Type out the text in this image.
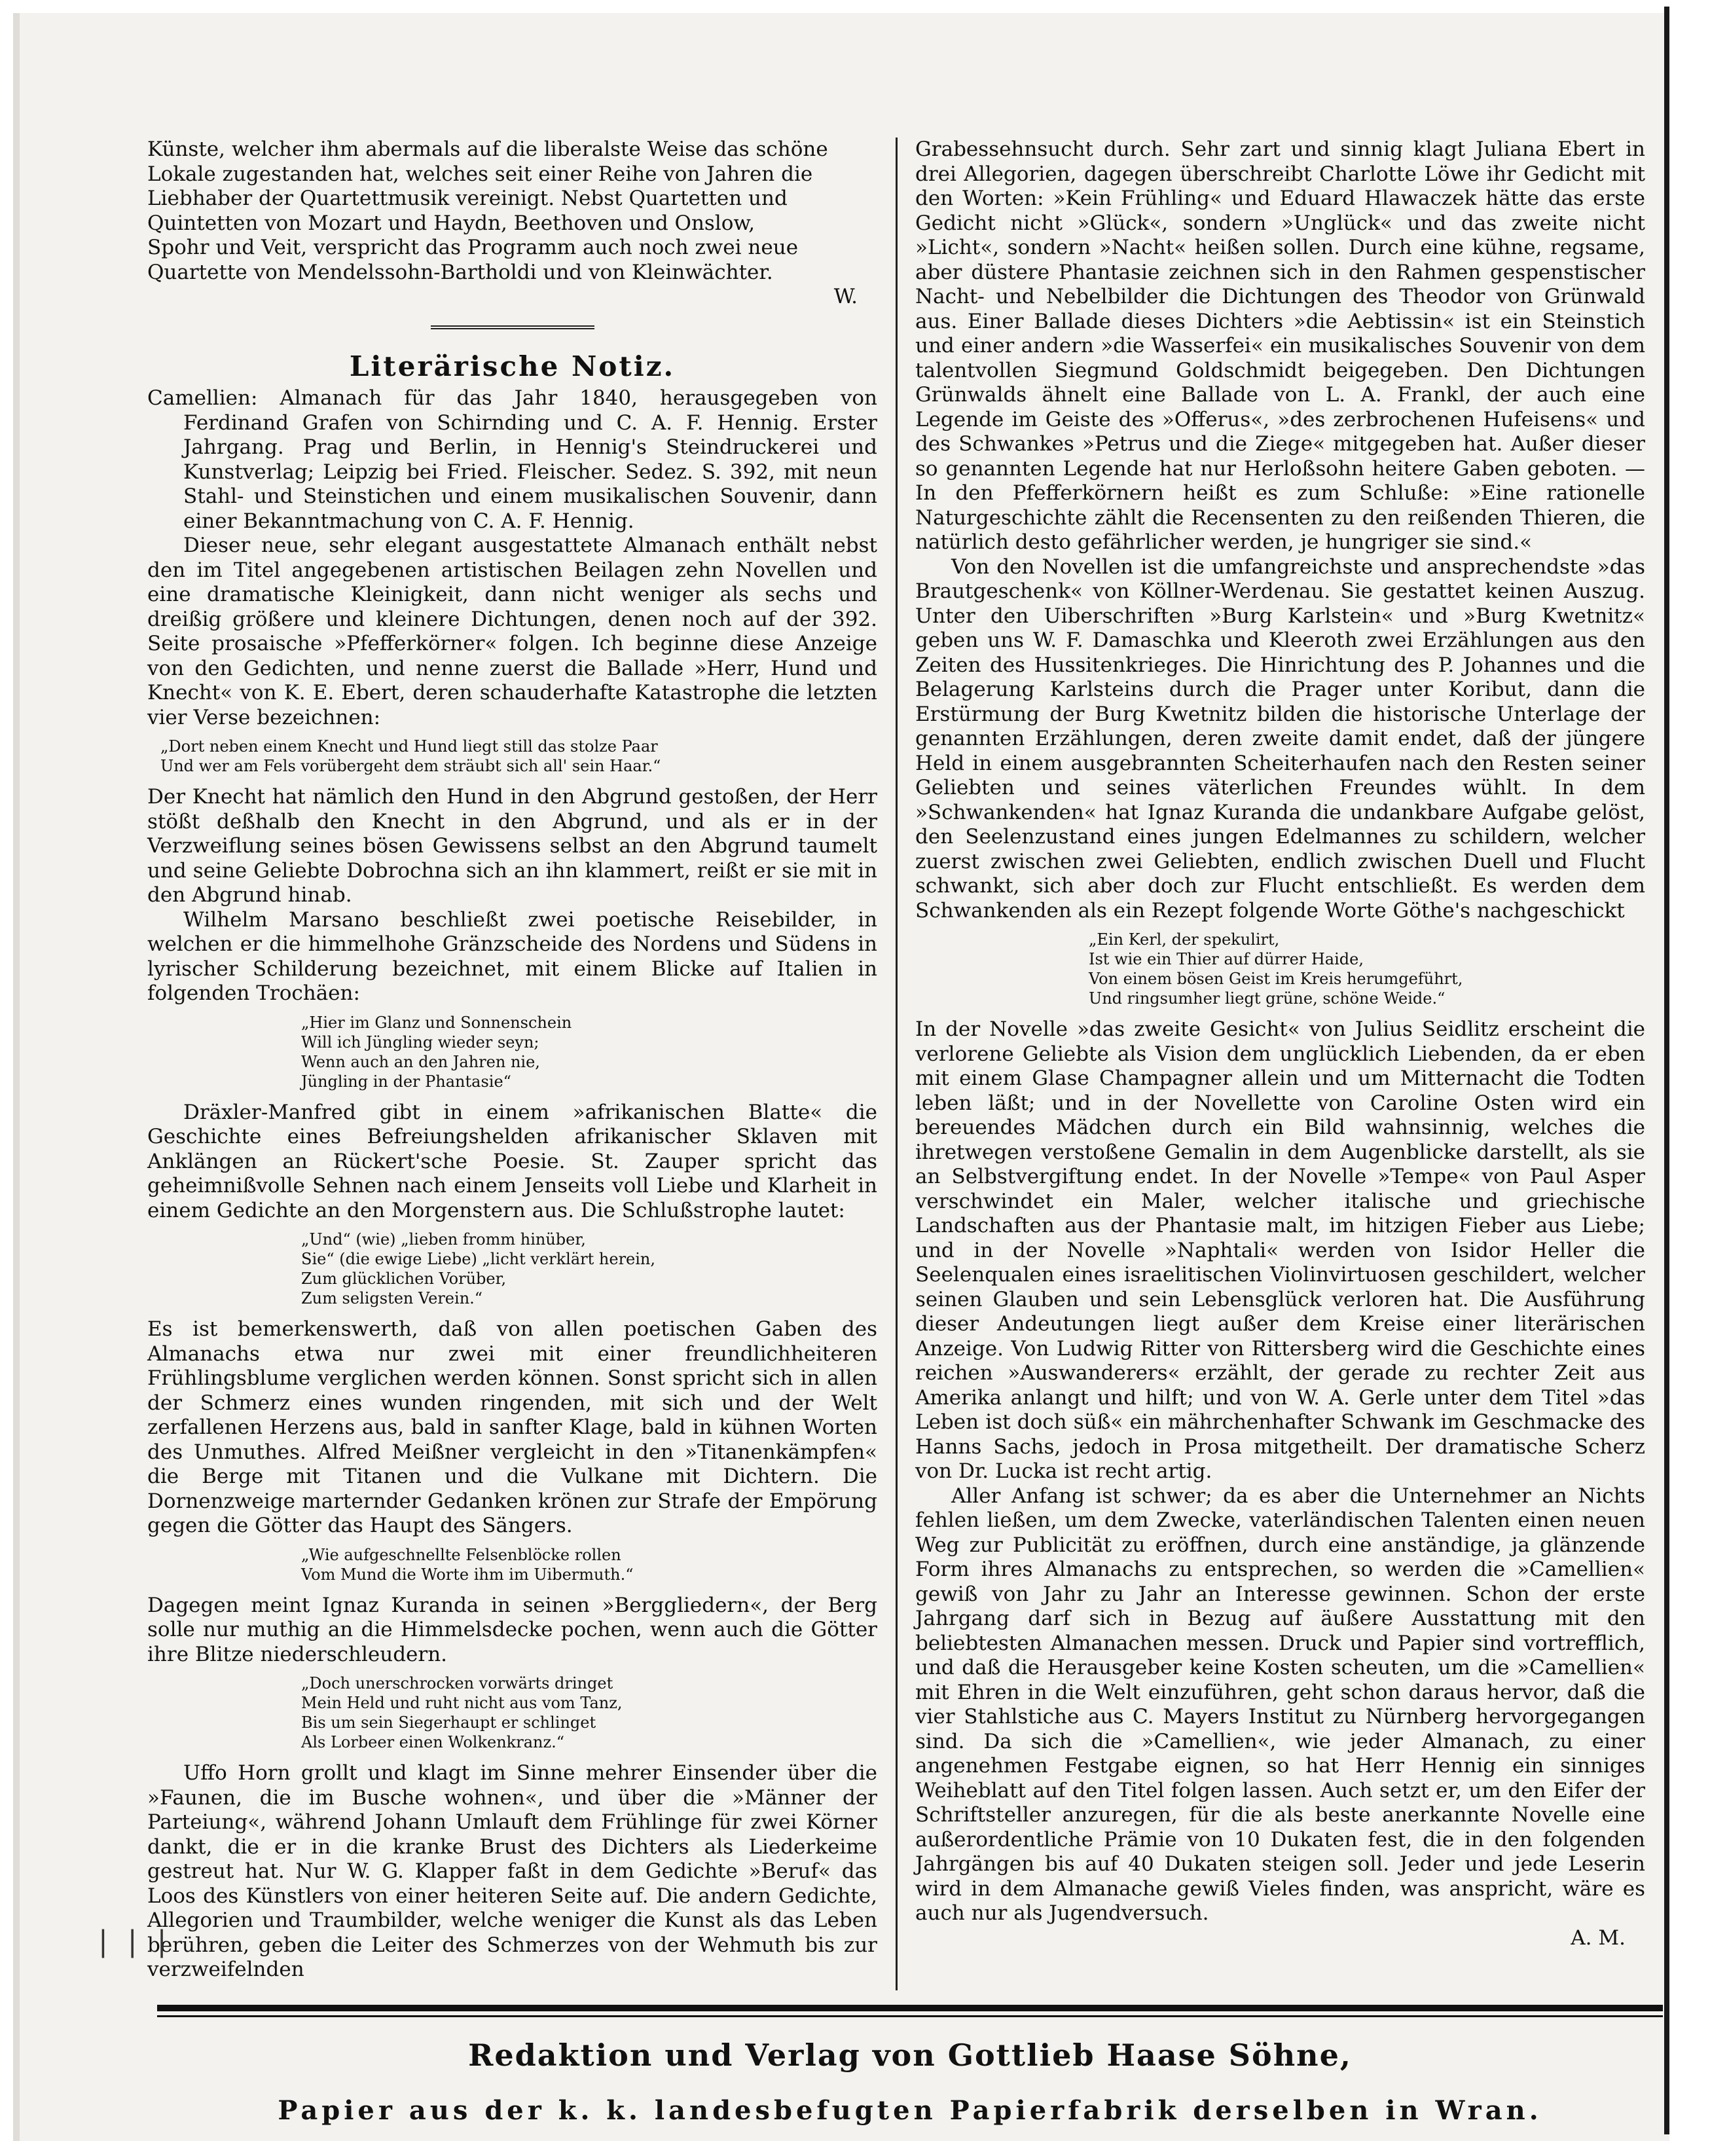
Künste, welcher ihm abermals auf die liberalste Weise das schöne

Lokale zugestanden hat, welches seit einer Reihe von Jahren die

Liebhaber der Quartettmusik vereinigt. Nebst Quartetten und

Quintetten von Mozart und Haydn, Beethoven und Onslow,

Spohr und Veit, verspricht das Programm auch noch zwei neue

Quartette von Mendelssohn-Bartholdi und von Kleinwächter.

W.

Literärische Notiz.

Camellien: Almanach für das Jahr 1840, herausgegeben von Ferdinand Grafen von Schirnding und C. A. F. Hennig. Erster Jahrgang. Prag und Berlin, in Hennig's Steindruckerei und Kunstverlag; Leipzig bei Fried. Fleischer. Sedez. S. 392, mit neun Stahl- und Steinstichen und einem musikalischen Souvenir, dann einer Bekanntmachung von C. A. F. Hennig.

Dieser neue, sehr elegant ausgestattete Almanach enthält nebst den im Titel angegebenen artistischen Beilagen zehn Novellen und eine dramatische Kleinigkeit, dann nicht weniger als sechs und dreißig größere und kleinere Dichtungen, denen noch auf der 392. Seite prosaische »Pfefferkörner« folgen. Ich beginne diese Anzeige von den Gedichten, und nenne zuerst die Ballade »Herr, Hund und Knecht« von K. E. Ebert, deren schauderhafte Katastrophe die letzten vier Verse bezeichnen:

„Dort neben einem Knecht und Hund liegt still das stolze Paar
Und wer am Fels vorübergeht dem sträubt sich all' sein Haar.“

Der Knecht hat nämlich den Hund in den Abgrund gestoßen, der Herr stößt deßhalb den Knecht in den Abgrund, und als er in der Verzweiflung seines bösen Gewissens selbst an den Abgrund taumelt und seine Geliebte Dobrochna sich an ihn klammert, reißt er sie mit in den Abgrund hinab.

Wilhelm Marsano beschließt zwei poetische Reisebilder, in welchen er die himmelhohe Gränzscheide des Nordens und Südens in lyrischer Schilderung bezeichnet, mit einem Blicke auf Italien in folgenden Trochäen:

„Hier im Glanz und Sonnenschein
Will ich Jüngling wieder seyn;
Wenn auch an den Jahren nie,
Jüngling in der Phantasie“

Dräxler-Manfred gibt in einem »afrikanischen Blatte« die Geschichte eines Befreiungshelden afrikanischer Sklaven mit Anklängen an Rückert'sche Poesie. St. Zauper spricht das geheimnißvolle Sehnen nach einem Jenseits voll Liebe und Klarheit in einem Gedichte an den Morgenstern aus. Die Schlußstrophe lautet:

„Und“ (wie) „lieben fromm hinüber,
Sie“ (die ewige Liebe) „licht verklärt herein,
Zum glücklichen Vorüber,
Zum seligsten Verein.“

Es ist bemerkenswerth, daß von allen poetischen Gaben des Almanachs etwa nur zwei mit einer freundlichheiteren Frühlingsblume verglichen werden können. Sonst spricht sich in allen der Schmerz eines wunden ringenden, mit sich und der Welt zerfallenen Herzens aus, bald in sanfter Klage, bald in kühnen Worten des Unmuthes. Alfred Meißner vergleicht in den »Titanenkämpfen« die Berge mit Titanen und die Vulkane mit Dichtern. Die Dornenzweige marternder Gedanken krönen zur Strafe der Empörung gegen die Götter das Haupt des Sängers.

„Wie aufgeschnellte Felsenblöcke rollen
Vom Mund die Worte ihm im Uibermuth.“

Dagegen meint Ignaz Kuranda in seinen »Berggliedern«, der Berg solle nur muthig an die Himmelsdecke pochen, wenn auch die Götter ihre Blitze niederschleudern.

„Doch unerschrocken vorwärts dringet
Mein Held und ruht nicht aus vom Tanz,
Bis um sein Siegerhaupt er schlinget
Als Lorbeer einen Wolkenkranz.“

Uffo Horn grollt und klagt im Sinne mehrer Einsender über die »Faunen, die im Busche wohnen«, und über die »Männer der Parteiung«, während Johann Umlauft dem Frühlinge für zwei Körner dankt, die er in die kranke Brust des Dichters als Liederkeime gestreut hat. Nur W. G. Klapper faßt in dem Gedichte »Beruf« das Loos des Künstlers von einer heiteren Seite auf. Die andern Gedichte, Allegorien und Traumbilder, welche weniger die Kunst als das Leben berühren, geben die Leiter des Schmerzes von der Wehmuth bis zur verzweifelnden

Grabessehnsucht durch. Sehr zart und sinnig klagt Juliana Ebert in drei Allegorien, dagegen überschreibt Charlotte Löwe ihr Gedicht mit den Worten: »Kein Frühling« und Eduard Hlawaczek hätte das erste Gedicht nicht »Glück«, sondern »Unglück« und das zweite nicht »Licht«, sondern »Nacht« heißen sollen. Durch eine kühne, regsame, aber düstere Phantasie zeichnen sich in den Rahmen gespenstischer Nacht- und Nebelbilder die Dichtungen des Theodor von Grünwald aus. Einer Ballade dieses Dichters »die Aebtissin« ist ein Steinstich und einer andern »die Wasserfei« ein musikalisches Souvenir von dem talentvollen Siegmund Goldschmidt beigegeben. Den Dichtungen Grünwalds ähnelt eine Ballade von L. A. Frankl, der auch eine Legende im Geiste des »Offerus«, »des zerbrochenen Hufeisens« und des Schwankes »Petrus und die Ziege« mitgegeben hat. Außer dieser so genannten Legende hat nur Herloßsohn heitere Gaben geboten. — In den Pfefferkörnern heißt es zum Schluße: »Eine rationelle Naturgeschichte zählt die Recensenten zu den reißenden Thieren, die natürlich desto gefährlicher werden, je hungriger sie sind.«

Von den Novellen ist die umfangreichste und ansprechendste »das Brautgeschenk« von Köllner-Werdenau. Sie gestattet keinen Auszug. Unter den Uiberschriften »Burg Karlstein« und »Burg Kwetnitz« geben uns W. F. Damaschka und Kleeroth zwei Erzählungen aus den Zeiten des Hussitenkrieges. Die Hinrichtung des P. Johannes und die Belagerung Karlsteins durch die Prager unter Koribut, dann die Erstürmung der Burg Kwetnitz bilden die historische Unterlage der genannten Erzählungen, deren zweite damit endet, daß der jüngere Held in einem ausgebrannten Scheiterhaufen nach den Resten seiner Geliebten und seines väterlichen Freundes wühlt. In dem »Schwankenden« hat Ignaz Kuranda die undankbare Aufgabe gelöst, den Seelenzustand eines jungen Edelmannes zu schildern, welcher zuerst zwischen zwei Geliebten, endlich zwischen Duell und Flucht schwankt, sich aber doch zur Flucht entschließt. Es werden dem Schwankenden als ein Rezept folgende Worte Göthe's nachgeschickt

„Ein Kerl, der spekulirt,
Ist wie ein Thier auf dürrer Haide,
Von einem bösen Geist im Kreis herumgeführt,
Und ringsumher liegt grüne, schöne Weide.“

In der Novelle »das zweite Gesicht« von Julius Seidlitz erscheint die verlorene Geliebte als Vision dem unglücklich Liebenden, da er eben mit einem Glase Champagner allein und um Mitternacht die Todten leben läßt; und in der Novellette von Caroline Osten wird ein bereuendes Mädchen durch ein Bild wahnsinnig, welches die ihretwegen verstoßene Gemalin in dem Augenblicke darstellt, als sie an Selbstvergiftung endet. In der Novelle »Tempe« von Paul Asper verschwindet ein Maler, welcher italische und griechische Landschaften aus der Phantasie malt, im hitzigen Fieber aus Liebe; und in der Novelle »Naphtali« werden von Isidor Heller die Seelenqualen eines israelitischen Violinvirtuosen geschildert, welcher seinen Glauben und sein Lebensglück verloren hat. Die Ausführung dieser Andeutungen liegt außer dem Kreise einer literärischen Anzeige. Von Ludwig Ritter von Rittersberg wird die Geschichte eines reichen »Auswanderers« erzählt, der gerade zu rechter Zeit aus Amerika anlangt und hilft; und von W. A. Gerle unter dem Titel »das Leben ist doch süß« ein mährchenhafter Schwank im Geschmacke des Hanns Sachs, jedoch in Prosa mitgetheilt. Der dramatische Scherz von Dr. Lucka ist recht artig.

Aller Anfang ist schwer; da es aber die Unternehmer an Nichts fehlen ließen, um dem Zwecke, vaterländischen Talenten einen neuen Weg zur Publicität zu eröffnen, durch eine anständige, ja glänzende Form ihres Almanachs zu entsprechen, so werden die »Camellien« gewiß von Jahr zu Jahr an Interesse gewinnen. Schon der erste Jahrgang darf sich in Bezug auf äußere Ausstattung mit den beliebtesten Almanachen messen. Druck und Papier sind vortrefflich, und daß die Herausgeber keine Kosten scheuten, um die »Camellien« mit Ehren in die Welt einzuführen, geht schon daraus hervor, daß die vier Stahlstiche aus C. Mayers Institut zu Nürnberg hervorgegangen sind. Da sich die »Camellien«, wie jeder Almanach, zu einer angenehmen Festgabe eignen, so hat Herr Hennig ein sinniges Weiheblatt auf den Titel folgen lassen. Auch setzt er, um den Eifer der Schriftsteller anzuregen, für die als beste anerkannte Novelle eine außerordentliche Prämie von 10 Dukaten fest, die in den folgenden Jahrgängen bis auf 40 Dukaten steigen soll. Jeder und jede Leserin wird in dem Almanache gewiß Vieles finden, was anspricht, wäre es auch nur als Jugendversuch.

A. M.

| | |
Redaktion und Verlag von Gottlieb Haase Söhne,
Papier aus der k. k. landesbefugten Papierfabrik derselben in Wran.
